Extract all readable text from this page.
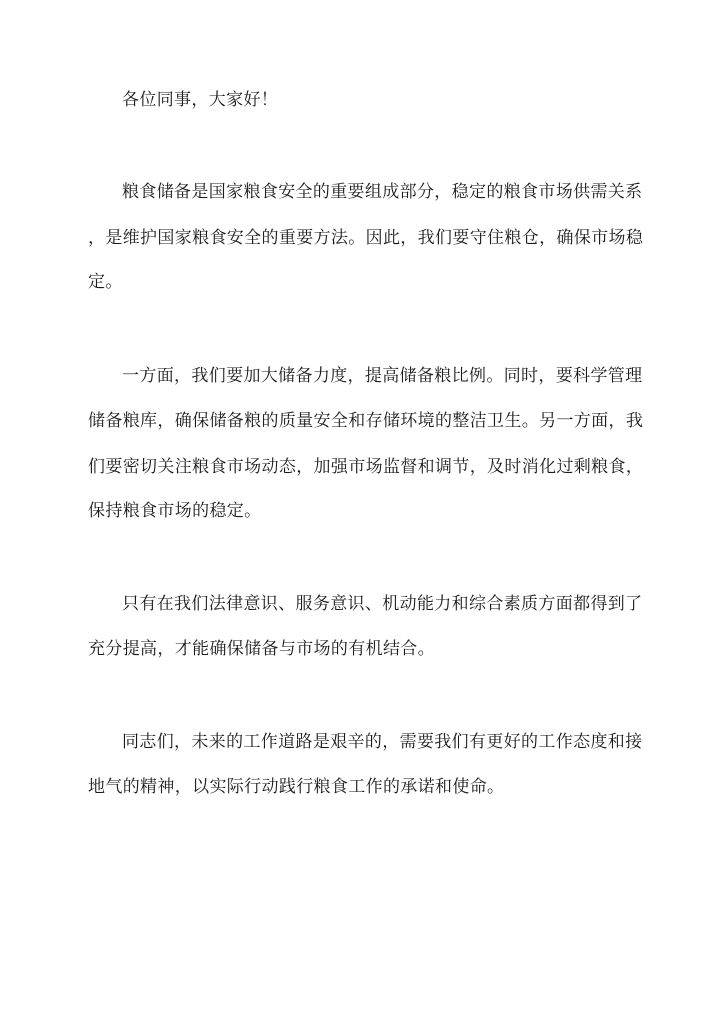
各位同事，大家好！

粮食储备是国家粮食安全的重要组成部分，稳定的粮食市场供需关系

，是维护国家粮食安全的重要方法。因此，我们要守住粮仓，确保市场稳

定。

一方面，我们要加大储备力度，提高储备粮比例。同时，要科学管理

储备粮库，确保储备粮的质量安全和存储环境的整洁卫生。另一方面，我

们要密切关注粮食市场动态，加强市场监督和调节，及时消化过剩粮食，

保持粮食市场的稳定。

只有在我们法律意识、服务意识、机动能力和综合素质方面都得到了

充分提高，才能确保储备与市场的有机结合。

同志们，未来的工作道路是艰辛的，需要我们有更好的工作态度和接

地气的精神，以实际行动践行粮食工作的承诺和使命。
